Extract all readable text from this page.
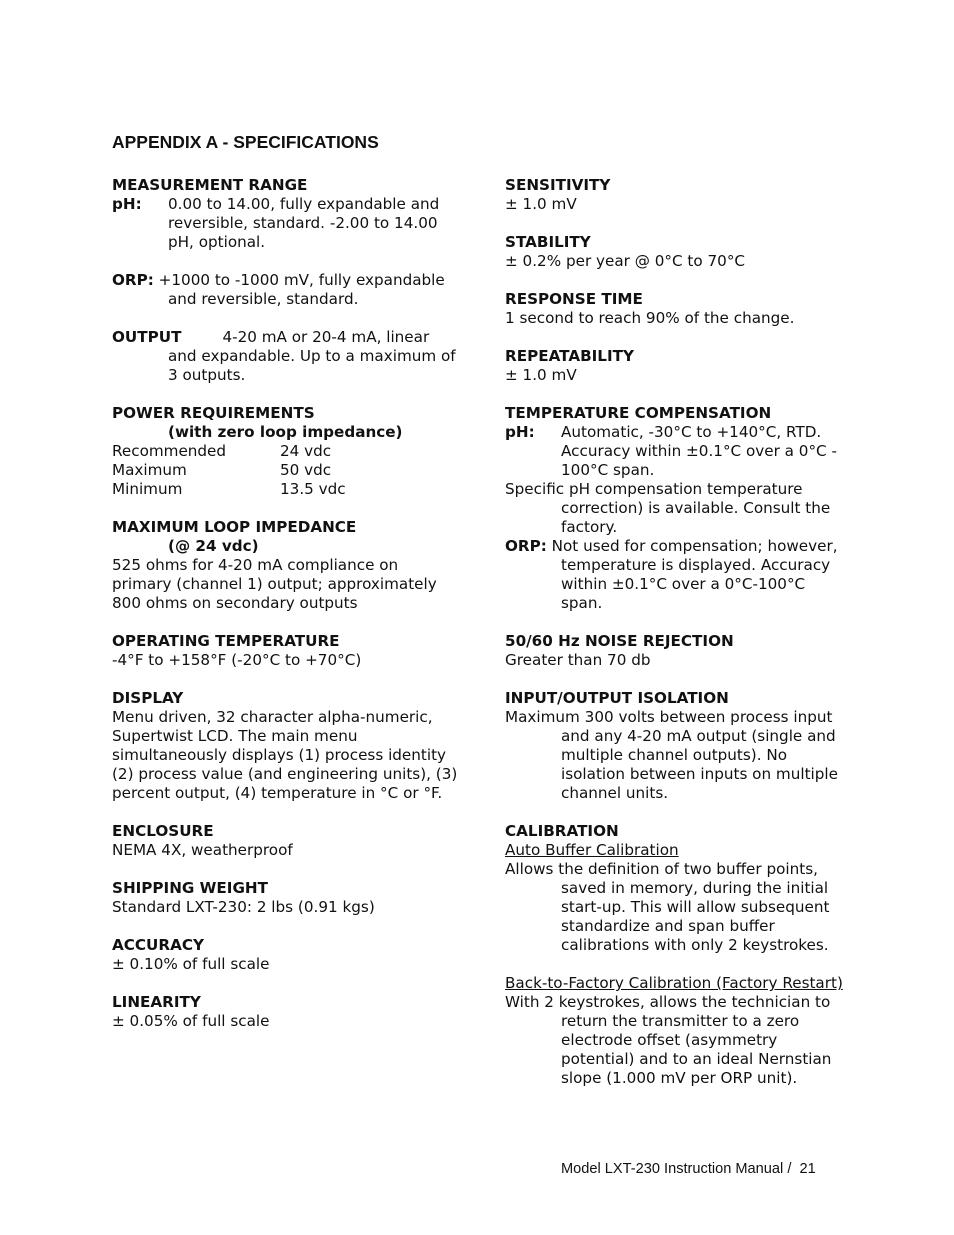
APPENDIX A - SPECIFICATIONS
MEASUREMENT RANGE
pH: 0.00 to 14.00, fully expandable and reversible, standard. -2.00 to 14.00 pH, optional.
ORP: +1000 to -1000 mV, fully expandable and reversible, standard.
OUTPUT	4-20 mA or 20-4 mA, linear and expandable. Up to a maximum of 3 outputs.
POWER REQUIREMENTS
(with zero loop impedance)
Recommended	24 vdc
Maximum	50 vdc
Minimum	13.5 vdc
MAXIMUM LOOP IMPEDANCE
(@ 24 vdc)
525 ohms for 4-20 mA compliance on primary (channel 1) output; approximately 800 ohms on secondary outputs
OPERATING TEMPERATURE
-4°F to +158°F (-20°C to +70°C)
DISPLAY
Menu driven, 32 character alpha-numeric, Supertwist LCD. The main menu simultaneously displays (1) process identity (2) process value (and engineering units), (3) percent output, (4) temperature in °C or °F.
ENCLOSURE
NEMA 4X, weatherproof
SHIPPING WEIGHT
Standard LXT-230: 2 lbs (0.91 kgs)
ACCURACY
± 0.10% of full scale
LINEARITY
± 0.05% of full scale
SENSITIVITY
± 1.0 mV
STABILITY
± 0.2% per year @ 0°C to 70°C
RESPONSE TIME
1 second to reach 90% of the change.
REPEATABILITY
± 1.0 mV
TEMPERATURE COMPENSATION
pH: Automatic, -30°C to +140°C, RTD. Accuracy within ±0.1°C over a 0°C - 100°C span.
Specific pH compensation temperature correction) is available. Consult the factory.
ORP: Not used for compensation; however, temperature is displayed. Accuracy within ±0.1°C over a 0°C-100°C span.
50/60 Hz NOISE REJECTION
Greater than 70 db
INPUT/OUTPUT ISOLATION
Maximum 300 volts between process input and any 4-20 mA output (single and multiple channel outputs). No isolation between inputs on multiple channel units.
CALIBRATION
Auto Buffer Calibration
Allows the definition of two buffer points, saved in memory, during the initial start-up. This will allow subsequent standardize and span buffer calibrations with only 2 keystrokes.
Back-to-Factory Calibration (Factory Restart)
With 2 keystrokes, allows the technician to return the transmitter to a zero electrode offset (asymmetry potential) and to an ideal Nernstian slope (1.000 mV per ORP unit).
Model LXT-230 Instruction Manual / 21
